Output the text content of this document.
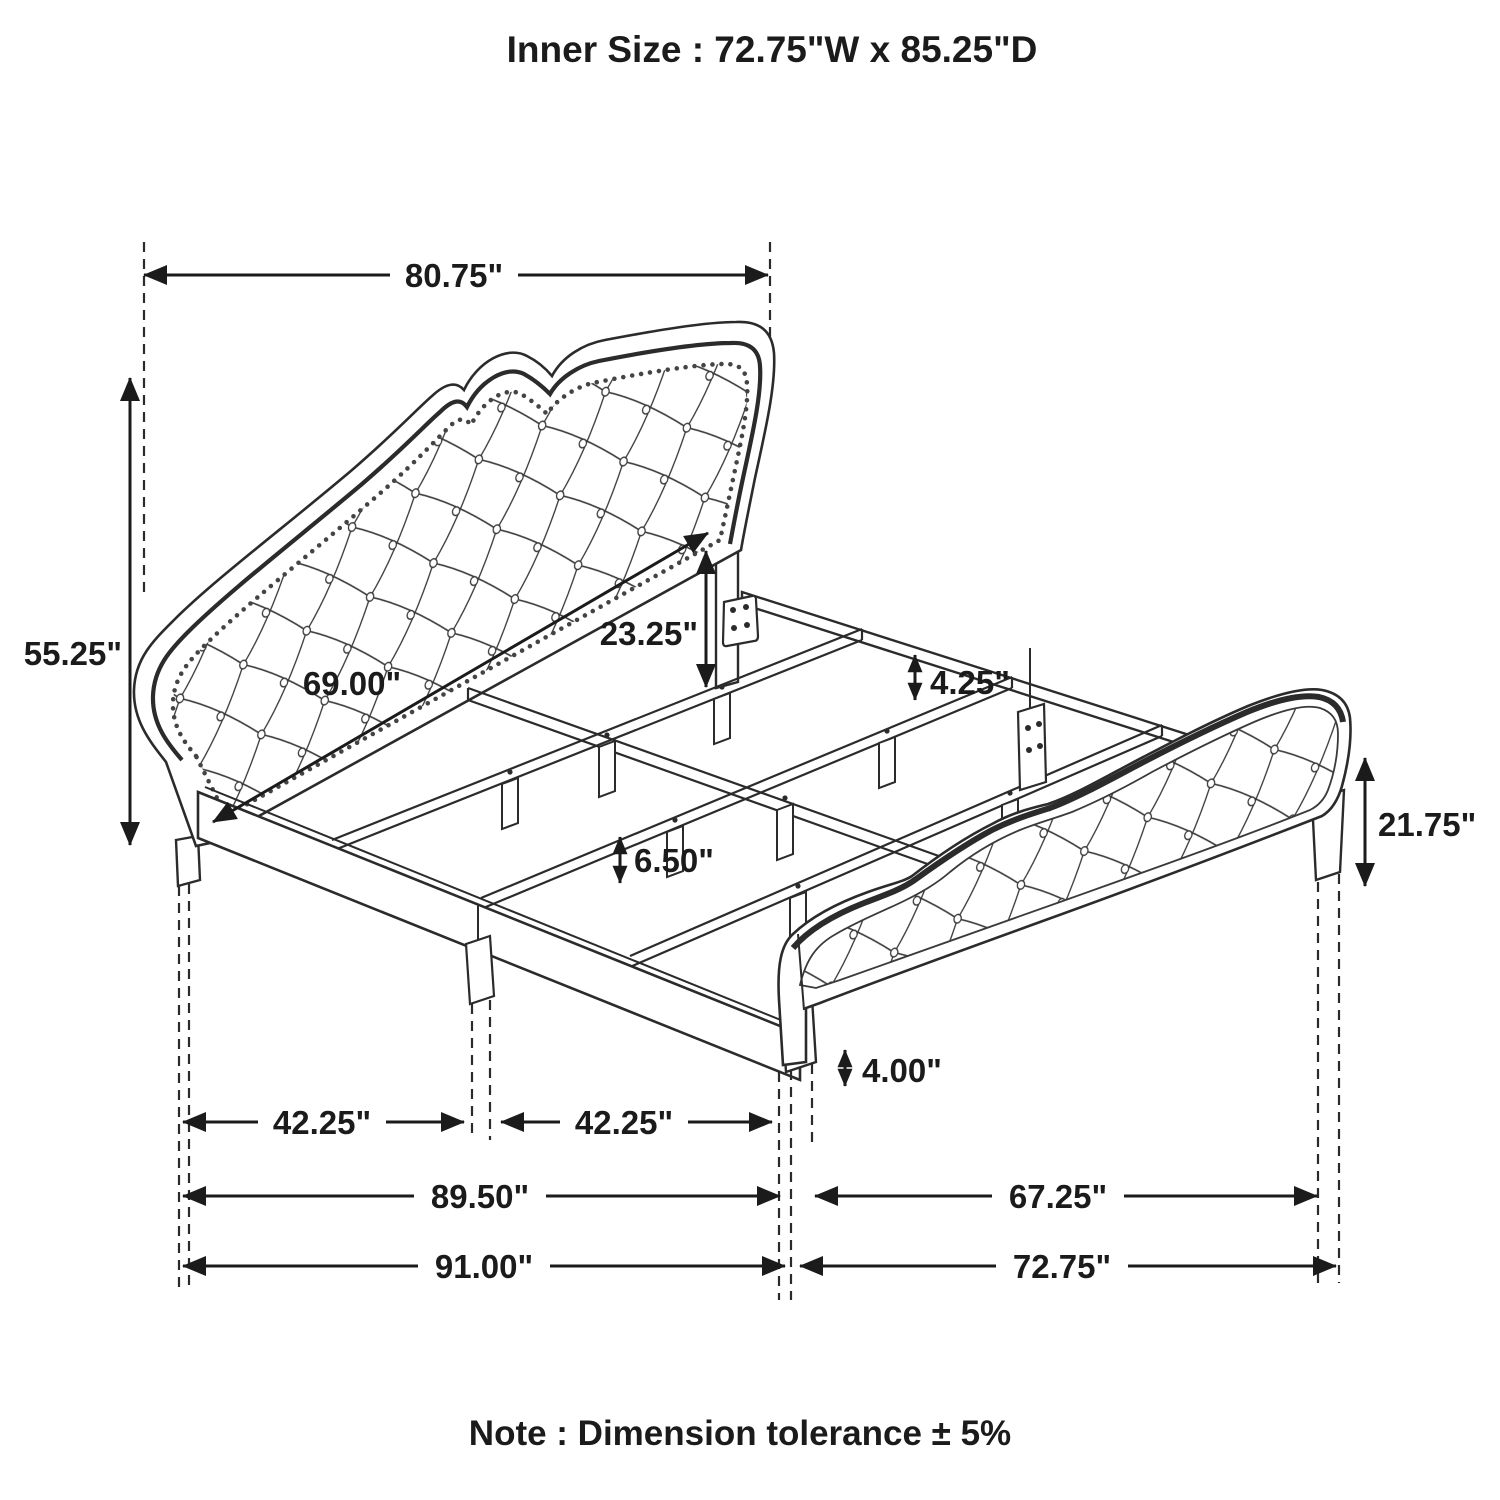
80.75"
55.25"
69.00"
23.25"
4.25"
6.50"
21.75"
4.00"
42.25"	42.25"
89.50"	67.25"
91.00"	72.75"
Inner Size : 72.75"W x 85.25"D
Note : Dimension tolerance ± 5%
